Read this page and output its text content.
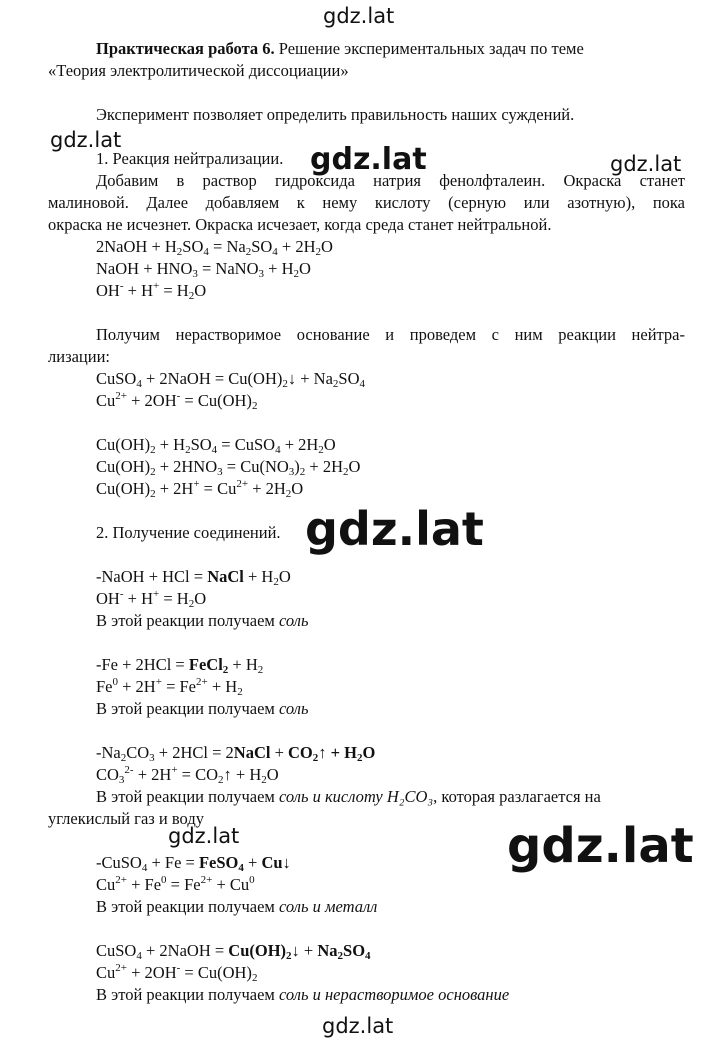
gdz.lat
gdz.lat
gdz.lat	gdz.lat
gdz.lat
gdz.lat	gdz.lat
gdz.lat
Практическая работа 6. Решение экспериментальных задач по теме
«Теория электролитической диссоциации»
Эксперимент позволяет определить правильность наших суждений.
1. Реакция нейтрализации.
Добавим в раствор гидроксида натрия фенолфталеин. Окраска станет
малиновой. Далее добавляем к нему кислоту (серную или азотную), пока
окраска не исчезнет. Окраска исчезает, когда среда станет нейтральной.
2NaOH + $H_2SO_4 = Na_2SO_4 + 2H_2O$
NaOH + $HNO_3$ = NaNO$_3$ + $H_2O$
$OH^- + H^+ = H_2O$
Получим нерастворимое основание и проведем с ним реакции нейтра-
лизации:
CuSO$_4$ + 2NaOH = $Cu(OH)_2↓ + Na_2SO_4$
$Cu^{2+} + 2OH^- = Cu(OH)_2$
$Cu(OH)_2 + H_2SO_4$ = CuSO$_4$ + $2H_2O$
$Cu(OH)_2 + 2HNO_3 = Cu(NO_3)_2 + 2H_2O$
$Cu(OH)_2 + 2H^+ = Cu^{2+} + 2H_2O$
2. Получение соединений.
-NaOH + HCl = NaCl + $H_2O$
$OH^- + H^+ = H_2O$
В этой реакции получаем соль
-Fe + 2HCl = FeCl$_2$ + $H_2$
$Fe^0 + 2H^+ = Fe^{2+} + H_2$
В этой реакции получаем соль
$-Na_2CO_3 + 2HCl$ = 2NaCl + $CO_2↑ + H_2O$
$CO_3^{2-} + 2H^+$ = $CO_2↑ + H_2O$
В этой реакции получаем соль и кислоту H₂CO₃, которая разлагается на
углекислый газ и воду
-CuSO$_4$ + Fe = FeSO$_4$ + Cu↓
$Cu^{2+} + Fe^0 = Fe^{2+} + Cu^0$
В этой реакции получаем соль и металл
CuSO$_4$ + 2NaOH = $Cu(OH)_2↓ + Na_2SO_4$
$Cu^{2+} + 2OH^- = Cu(OH)_2$
В этой реакции получаем соль и нерастворимое основание
